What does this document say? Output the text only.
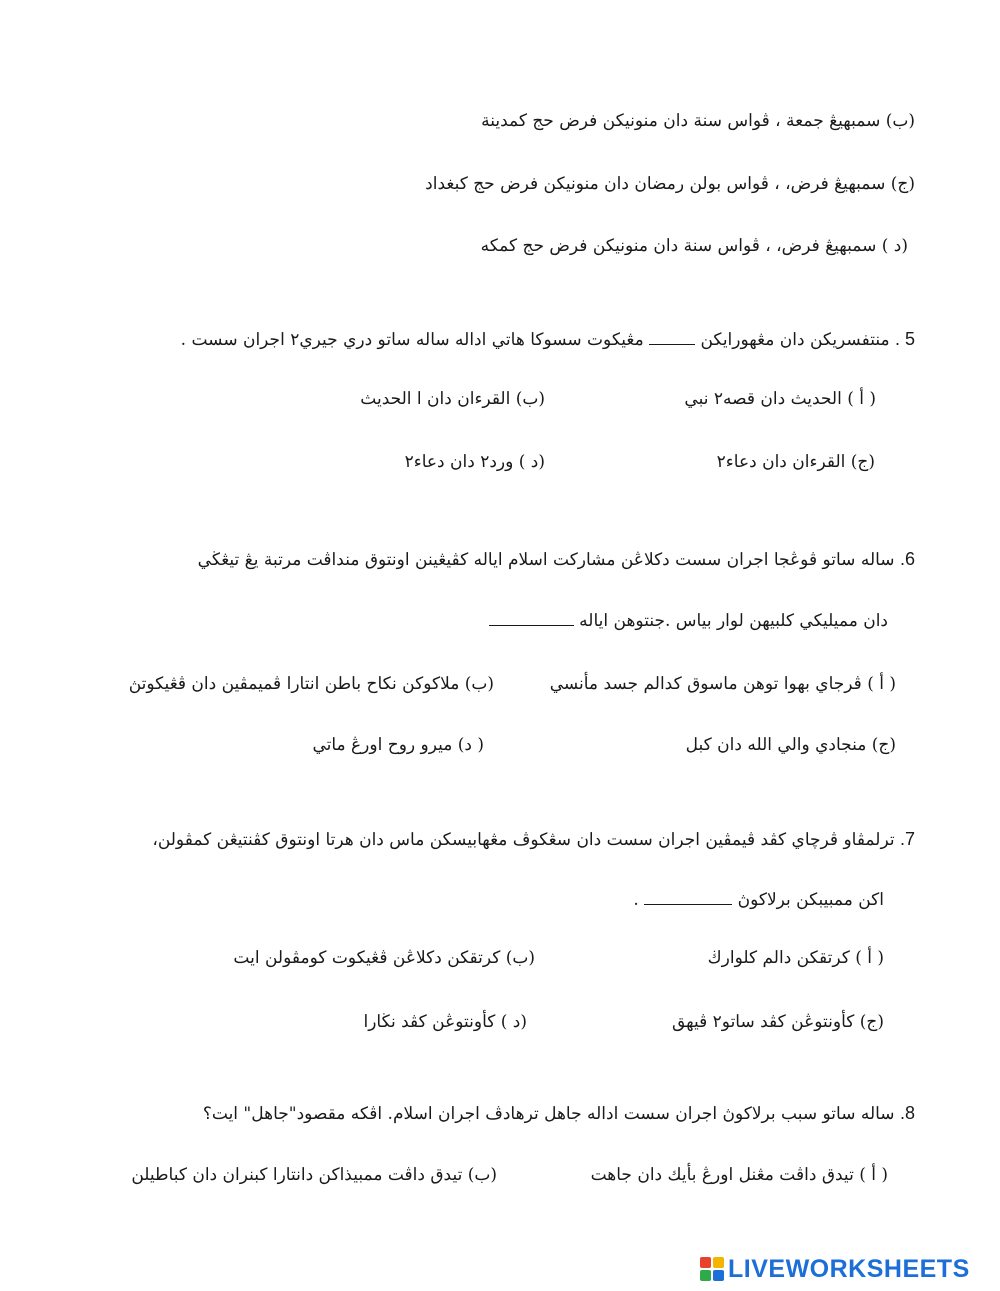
(ب) سمبهيڠ جمعة ، ڤواس سنة دان منونيكن فرض حج كمدينة
(ج) سمبهيڠ فرض، ، ڤواس بولن رمضان دان منونيكن فرض حج كبغداد
(د ) سمبهيڠ فرض، ، ڤواس سنة دان منونيكن فرض حج كمكه
5 . منتفسريكن دان مڠهورايكن  مڠيكوت سسوكا هاتي اداله ساله ساتو دري جيري٢ اجران سست .
( أ ) الحديث دان قصه٢ نبي
(ب) القرءان دان ا الحديث
(ج) القرءان دان دعاء٢
(د ) ورد٢ دان دعاء٢
6. ساله ساتو ڤوڠجا اجران سست دكلاڠن مشاركت اسلام اياله كڤيڠينن اونتوق منداڤت مرتبة يڠ تيڠڬي
دان مميليكي كلبيهن لوار بياس .جنتوهن اياله
( أ ) ڤرجاي بهوا توهن ماسوق كدالم جسد مأنسي
(ب) ملاكوكن نكاح باطن انتارا ڤميمڤين دان ڤڠيكوتڽ
(ج) منجادي والي الله دان كبل
( د) ميرو روح اورڠ ماتي
7. ترلمڤاو ڤرچاي كڤد ڤيمڤين اجران سست دان سڠكوڤ مڠهابيسكن ماس دان هرتا اونتوق كڤنتيڠن كمڤولن،
اكن ممبيبكن برلاكوڽ  .
( أ ) كرتقكن دالم كلوارڬ
(ب) كرتقكن دكلاڠن ڤڠيكوت كومڤولن ايت
(ج) كأونتوڠن كڤد ساتو٢ ڤيهق
(د ) كأونتوڠن كڤد نڬارا
8. ساله ساتو سبب برلاكوڽ اجران سست اداله جاهل ترهادڤ اجران اسلام. اڤكه مقصود"جاهل" ايت؟
( أ ) تيدق داڤت مڠنل اورڠ بأيك دان جاهت
(ب) تيدق داڤت ممبيذاكن دانتارا كبنران دان كباطيلن
LIVEWORKSHEETS
